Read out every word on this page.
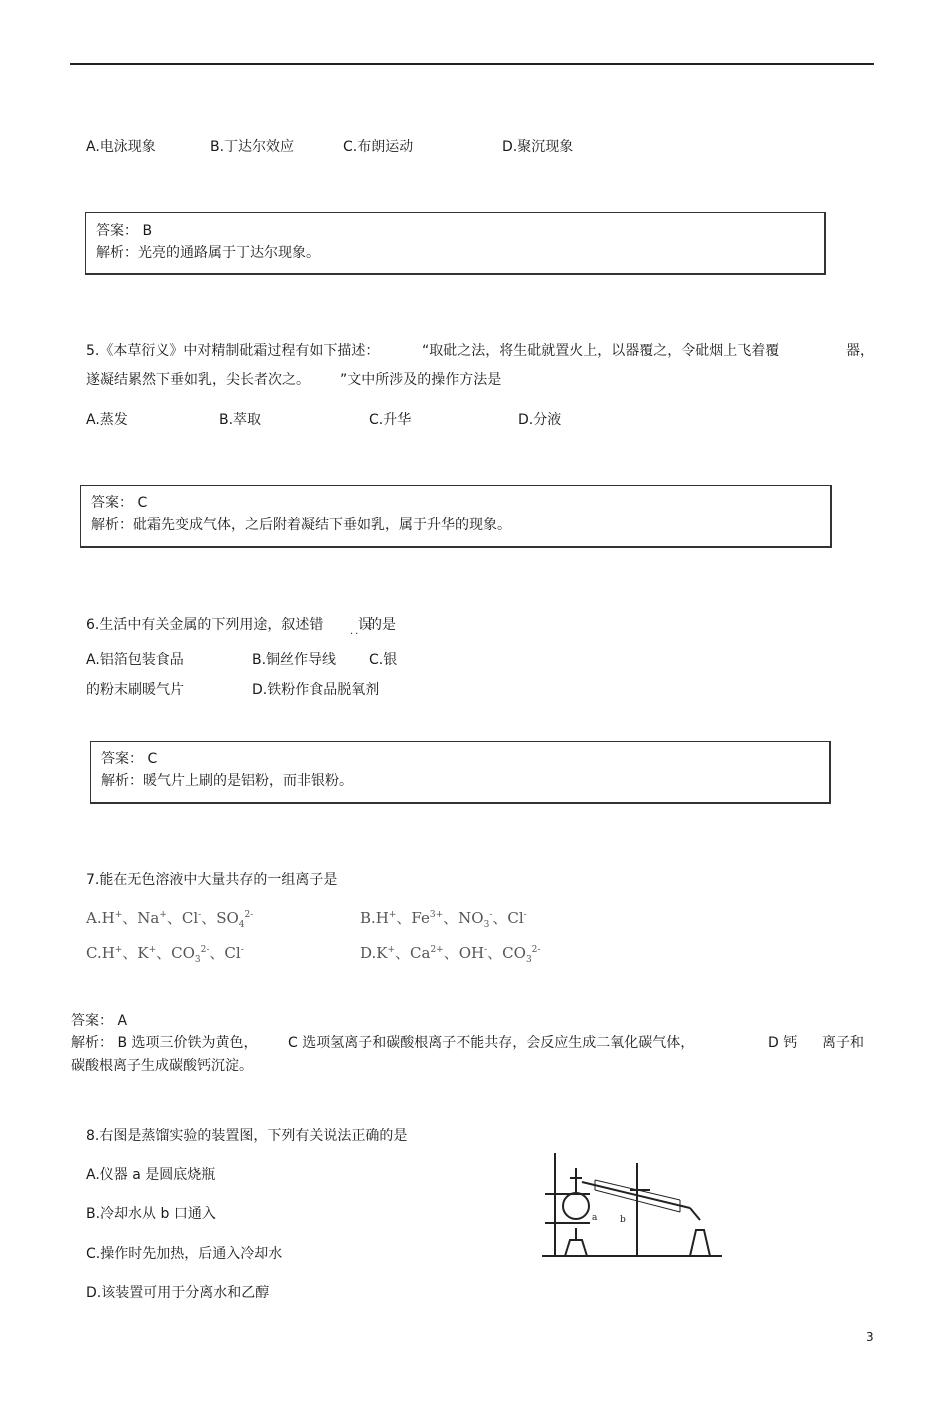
A.电泳现象	B.丁达尔效应	C.布朗运动	D.聚沉现象
答案： B
解析：光亮的通路属于丁达尔现象。
5.《本草衍义》中对精制砒霜过程有如下描述：	“取砒之法，将生砒就置火上，以器覆之，令砒烟上飞着覆	器，
遂凝结累然下垂如乳，尖长者次之。 ”文中所涉及的操作方法是
A.蒸发	B.萃取	C.升华	D.分液
答案： C
解析：砒霜先变成气体，之后附着凝结下垂如乳，属于升华的现象。
6.生活中有关金属的下列用途，叙述错 误
的是
..
A.铝箔包装食品	B.铜丝作导线 C.银
的粉末刷暖气片	D.铁粉作食品脱氧剂
答案： C
解析：暖气片上刷的是铝粉，而非银粉。
7.能在无色溶液中大量共存的一组离子是
A.H+、Na+、Cl-、$SO_4^{2-}$	B.H+、$Fe^{3+}$、$NO_3^-$、Cl-
C.H+、K+、$CO_3^{2-}$、Cl-	D.K+、$Ca^{2+}$、OH-、$CO_3^{2-}$
答案： A
解析： B 选项三价铁为黄色， C 选项氢离子和碳酸根离子不能共存，会反应生成二氧化碳气体，	D 钙 离子和
碳酸根离子生成碳酸钙沉淀。
8.右图是蒸馏实验的装置图，下列有关说法正确的是
A.仪器 a 是圆底烧瓶
B.冷却水从 b 口通入
C.操作时先加热，后通入冷却水
D.该装置可用于分离水和乙醇
a	b
3
